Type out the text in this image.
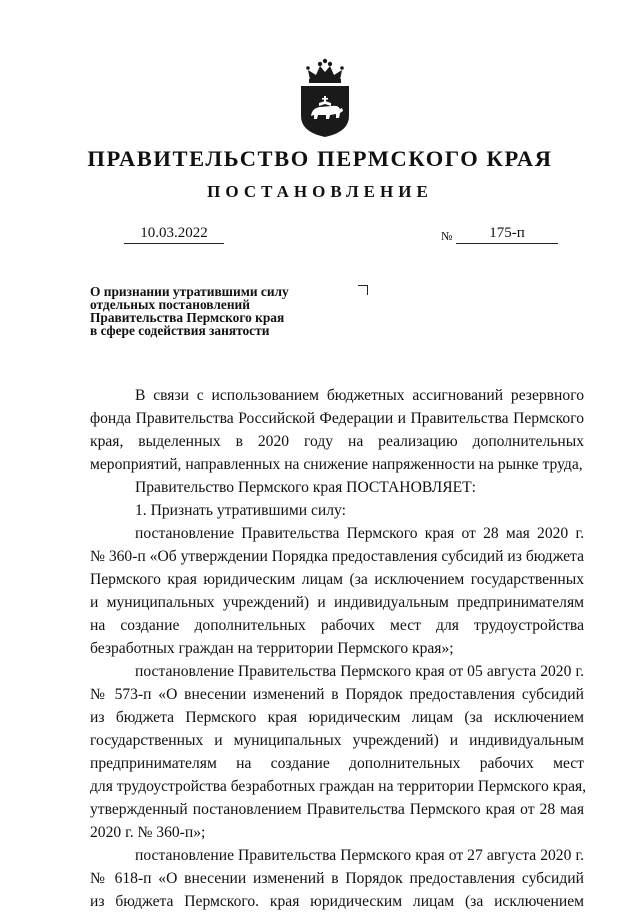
ПРАВИТЕЛЬСТВО ПЕРМСКОГО КРАЯ
ПОСТАНОВЛЕНИЕ
10.03.2022	№	175-п
О признании утратившими силу
отдельных постановлений
Правительства Пермского края
в сфере содействия занятости
В связи с использованием бюджетных ассигнований резервного
фонда Правительства Российской Федерации и Правительства Пермского
края, выделенных в 2020 году на реализацию дополнительных
мероприятий, направленных на снижение напряженности на рынке труда,
Правительство Пермского края ПОСТАНОВЛЯЕТ:
1. Признать утратившими силу:
постановление Правительства Пермского края от 28 мая 2020 г.
№ 360-п «Об утверждении Порядка предоставления субсидий из бюджета
Пермского края юридическим лицам (за исключением государственных
и муниципальных учреждений) и индивидуальным предпринимателям
на создание дополнительных рабочих мест для трудоустройства
безработных граждан на территории Пермского края»;
постановление Правительства Пермского края от 05 августа 2020 г.
№ 573-п «О внесении изменений в Порядок предоставления субсидий
из бюджета Пермского края юридическим лицам (за исключением
государственных и муниципальных учреждений) и индивидуальным
предпринимателям на создание дополнительных рабочих мест
для трудоустройства безработных граждан на территории Пермского края,
утвержденный постановлением Правительства Пермского края от 28 мая
2020 г. № 360-п»;
постановление Правительства Пермского края от 27 августа 2020 г.
№ 618-п «О внесении изменений в Порядок предоставления субсидий
из бюджета Пермского. края юридическим лицам (за исключением
